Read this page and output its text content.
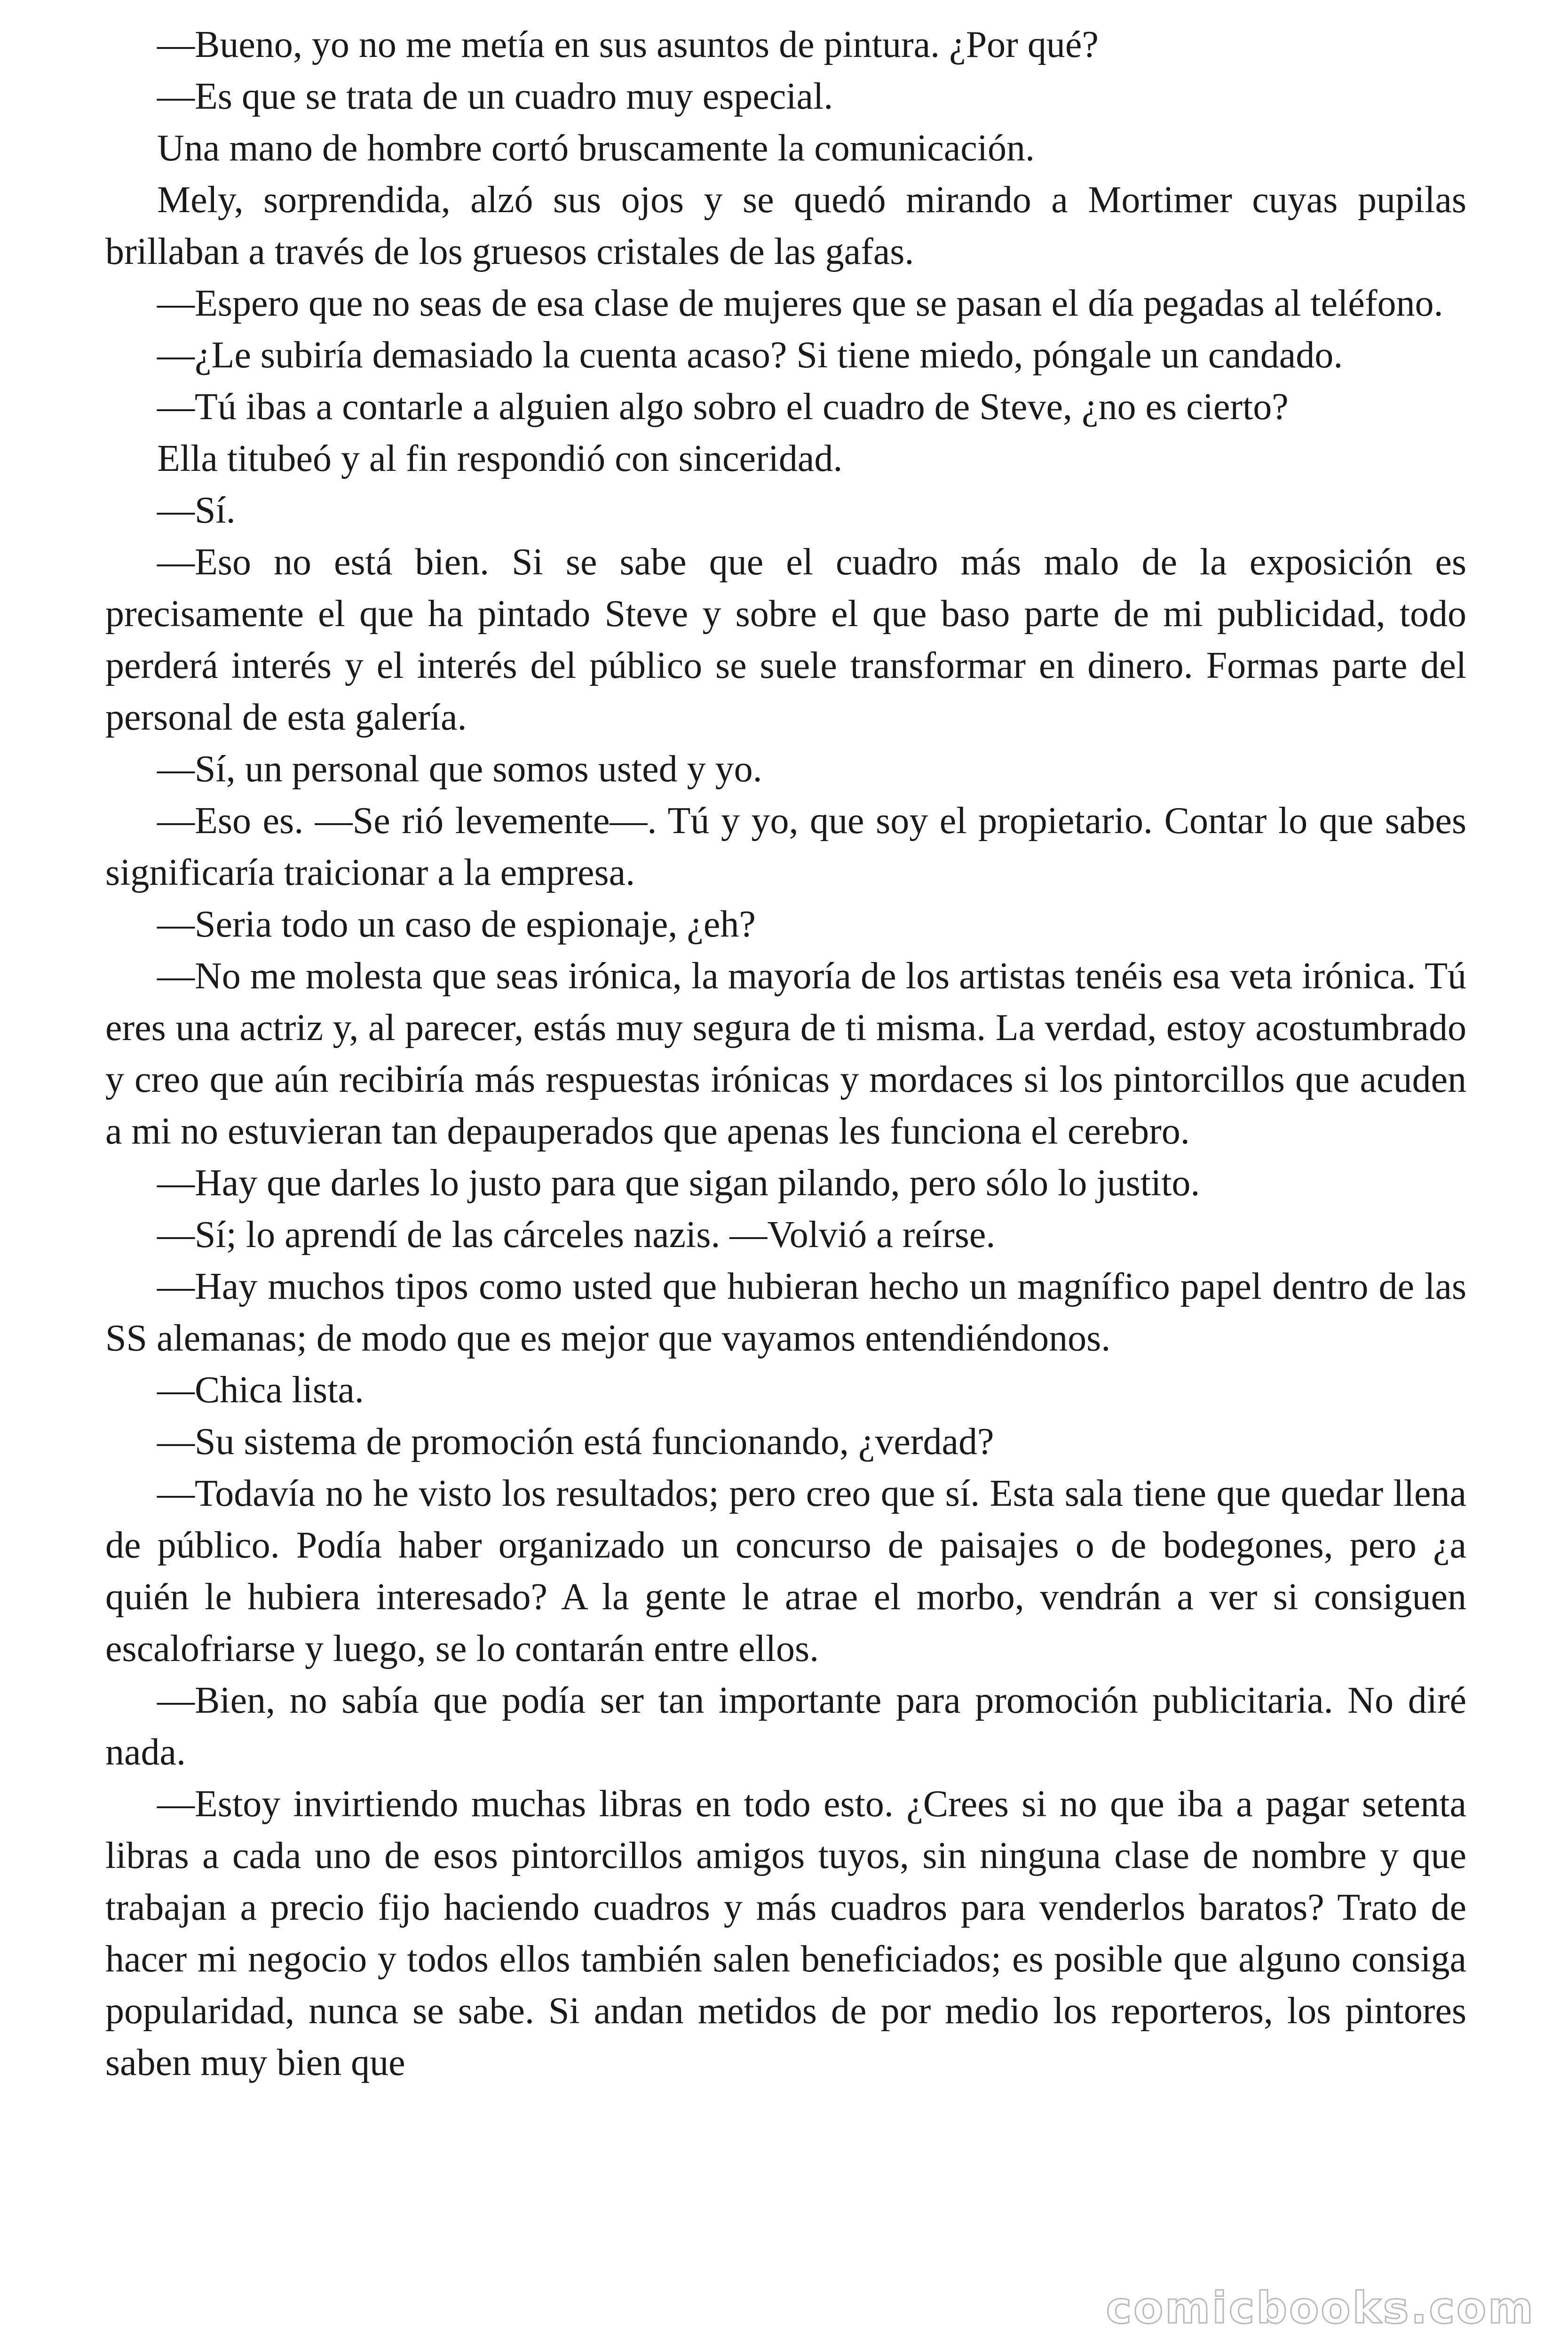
—Bueno, yo no me metía en sus asuntos de pintura. ¿Por qué?

—Es que se trata de un cuadro muy especial.

Una mano de hombre cortó bruscamente la comunicación.

Mely, sorprendida, alzó sus ojos y se quedó mirando a Mortimer cuyas pupilas brillaban a través de los gruesos cristales de las gafas.

—Espero que no seas de esa clase de mujeres que se pasan el día pegadas al teléfono.

—¿Le subiría demasiado la cuenta acaso? Si tiene miedo, póngale un candado.

—Tú ibas a contarle a alguien algo sobro el cuadro de Steve, ¿no es cierto?

Ella titubeó y al fin respondió con sinceridad.

—Sí.

—Eso no está bien. Si se sabe que el cuadro más malo de la exposición es precisamente el que ha pintado Steve y sobre el que baso parte de mi publicidad, todo perderá interés y el interés del público se suele transformar en dinero. Formas parte del personal de esta galería.

—Sí, un personal que somos usted y yo.

—Eso es. —Se rió levemente—. Tú y yo, que soy el propietario. Contar lo que sabes significaría traicionar a la empresa.

—Seria todo un caso de espionaje, ¿eh?

—No me molesta que seas irónica, la mayoría de los artistas tenéis esa veta irónica. Tú eres una actriz y, al parecer, estás muy segura de ti misma. La verdad, estoy acostumbrado y creo que aún recibiría más respuestas irónicas y mordaces si los pintorcillos que acuden a mi no estuvieran tan depauperados que apenas les funciona el cerebro.

—Hay que darles lo justo para que sigan pilando, pero sólo lo justito.

—Sí; lo aprendí de las cárceles nazis. —Volvió a reírse.

—Hay muchos tipos como usted que hubieran hecho un magnífico papel dentro de las SS alemanas; de modo que es mejor que vayamos entendiéndonos.

—Chica lista.

—Su sistema de promoción está funcionando, ¿verdad?

—Todavía no he visto los resultados; pero creo que sí. Esta sala tiene que quedar llena de público. Podía haber organizado un concurso de paisajes o de bodegones, pero ¿a quién le hubiera interesado? A la gente le atrae el morbo, vendrán a ver si consiguen escalofriarse y luego, se lo contarán entre ellos.

—Bien, no sabía que podía ser tan importante para promoción publicitaria. No diré nada.

—Estoy invirtiendo muchas libras en todo esto. ¿Crees si no que iba a pagar setenta libras a cada uno de esos pintorcillos amigos tuyos, sin ninguna clase de nombre y que trabajan a precio fijo haciendo cuadros y más cuadros para venderlos baratos? Trato de hacer mi negocio y todos ellos también salen beneficiados; es posible que alguno consiga popularidad, nunca se sabe. Si andan metidos de por medio los reporteros, los pintores saben muy bien que

comicbooks.com
